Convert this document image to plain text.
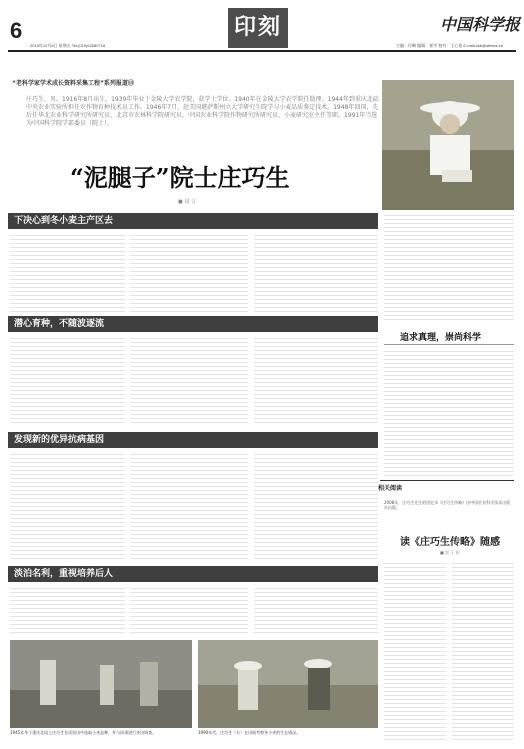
6
2013年12月6日 星期五 Tel:(010)62580718
印刻	中国科学报
主编：付琳 编辑：崔雪 校对：王心怡 E-mail:zkb@stimes.cn
“老科学家学术成长资料采集工程”系列报道⑬
庄巧生，男，1916年8月出生，1939年毕业于金陵大学农学院，获学士学位。1940年在金陵大学农学院任助理。1944年到重庆北碚中央农业实验所担任农作物育种技术员工作。1946年7月，赴美国堪萨斯州立大学研究生院学习小麦品质鉴定技术。1948年回国，先后任华北农业科学研究所研究员、北京市农林科学院研究员，中国农业科学院作物研究所研究员、小麦研究室主任等职。1991年当选为中国科学院学部委员（院士）。
“泥腿子”院士庄巧生
■ 胡 言
下决心到冬小麦主产区去
潜心育种，不随波逐流
追求真理，崇尚科学
发现新的优异抗病基因
相关阅读
2008年，庄巧生先生的回忆录《庄巧生传略》由中国农业科学技术出版社出版。
读《庄巧生传略》随感
■ 雷 子 东
淡泊名利，重视培养后人
1945年冬于重庆北碚上庄巧生在试验田中选取小麦品种，并与同事进行麦田调查。	1990年代，庄巧生（右）在田间考察冬小麦的生长情况。
